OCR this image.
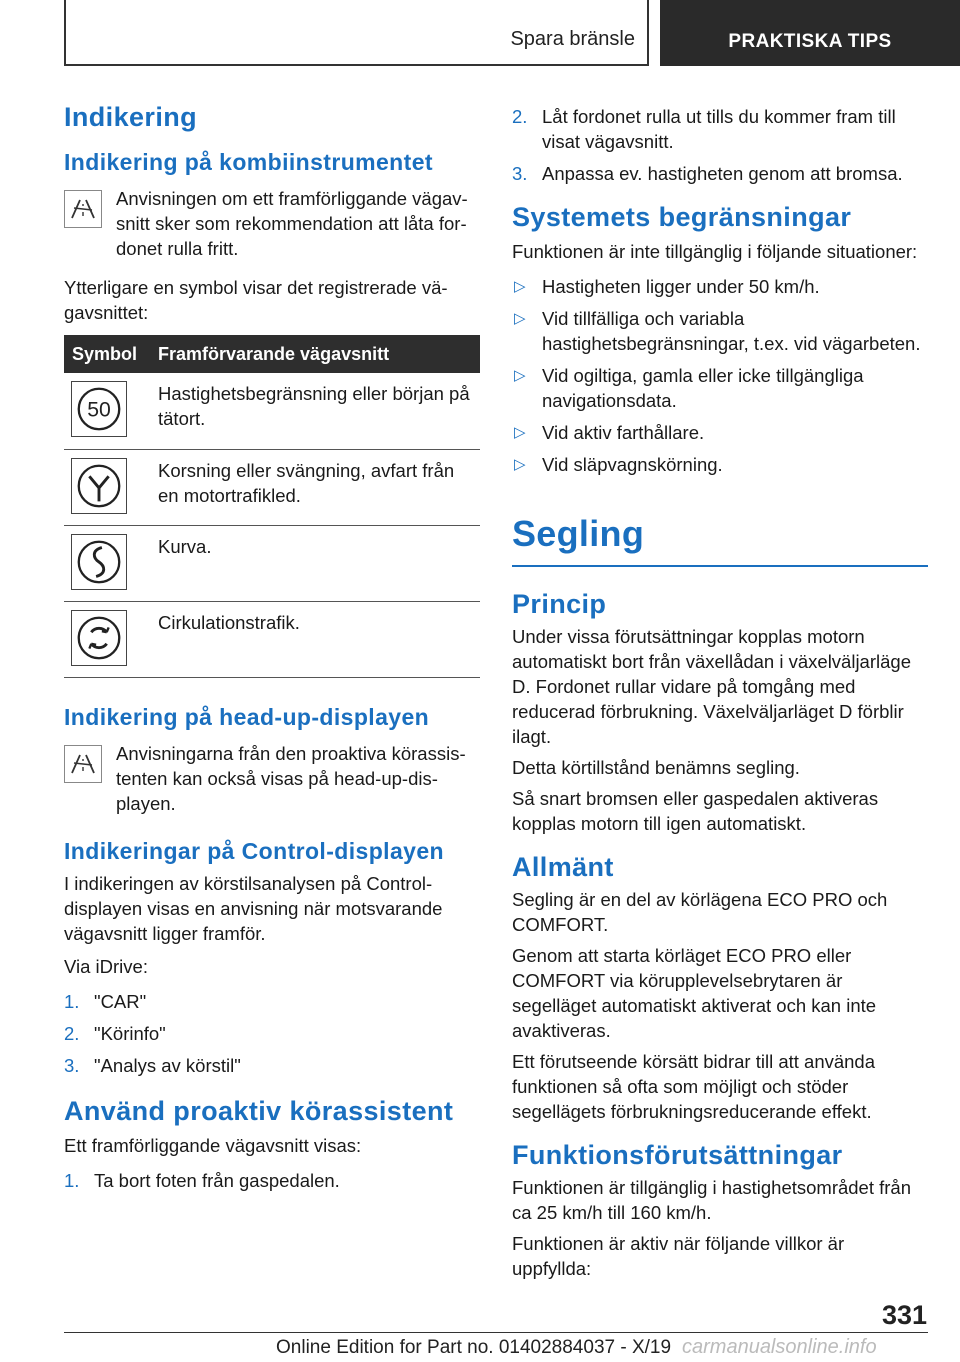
Spara bränsle	PRAKTISKA TIPS
Indikering
Indikering på kombiinstrumentet

Anvisningen om ett framförliggande vägav-

snitt sker som rekommendation att låta for-

donet rulla fritt.

Ytterligare en symbol visar det registrerade vä-gavsnittet:

Symbol	Framförvarande vägavsnitt

50	Hastighetsbegränsning eller början på tätort.

	Korsning eller svängning, avfart från en motortrafikled.

	Kurva.

	Cirkulationstrafik.
Indikering på head-up-displayen

Anvisningarna från den proaktiva körassis-

tenten kan också visas på head-up-dis-

playen.

Indikeringar på Control-displayen

I indikeringen av körstilsanalysen på Control-displayen visas en anvisning när motsvarande vägavsnitt ligger framför.

Via iDrive:

1. "CAR"
2. "Körinfo"
3. "Analys av körstil"
Använd proaktiv körassistent

Ett framförliggande vägavsnitt visas:

1. Ta bort foten från gaspedalen.
2. Låt fordonet rulla ut tills du kommer fram till visat vägavsnitt.
3. Anpassa ev. hastigheten genom att bromsa.
Systemets begränsningar

Funktionen är inte tillgänglig i följande situationer:

▷ Hastigheten ligger under 50 km/h.
▷ Vid tillfälliga och variabla hastighetsbegränsningar, t.ex. vid vägarbeten.
▷ Vid ogiltiga, gamla eller icke tillgängliga navigationsdata.
▷ Vid aktiv farthållare.
▷ Vid släpvagnskörning.
Segling
Princip

Under vissa förutsättningar kopplas motorn automatiskt bort från växellådan i växelväljarläge D. Fordonet rullar vidare på tomgång med reducerad förbrukning. Växelväljarläget D förblir ilagt.

Detta körtillstånd benämns segling.

Så snart bromsen eller gaspedalen aktiveras kopplas motorn till igen automatiskt.

Allmänt

Segling är en del av körlägena ECO PRO och COMFORT.

Genom att starta körläget ECO PRO eller COMFORT via körupplevelsebrytaren är segelläget automatiskt aktiverat och kan inte avaktiveras.

Ett förutseende körsätt bidrar till att använda funktionen så ofta som möjligt och stöder segellägets förbrukningsreducerande effekt.

Funktionsförutsättningar

Funktionen är tillgänglig i hastighetsområdet från ca 25 km/h till 160 km/h.

Funktionen är aktiv när följande villkor är uppfyllda:

331
Online Edition for Part no. 01402884037 - X/19 carmanualsonline.info
